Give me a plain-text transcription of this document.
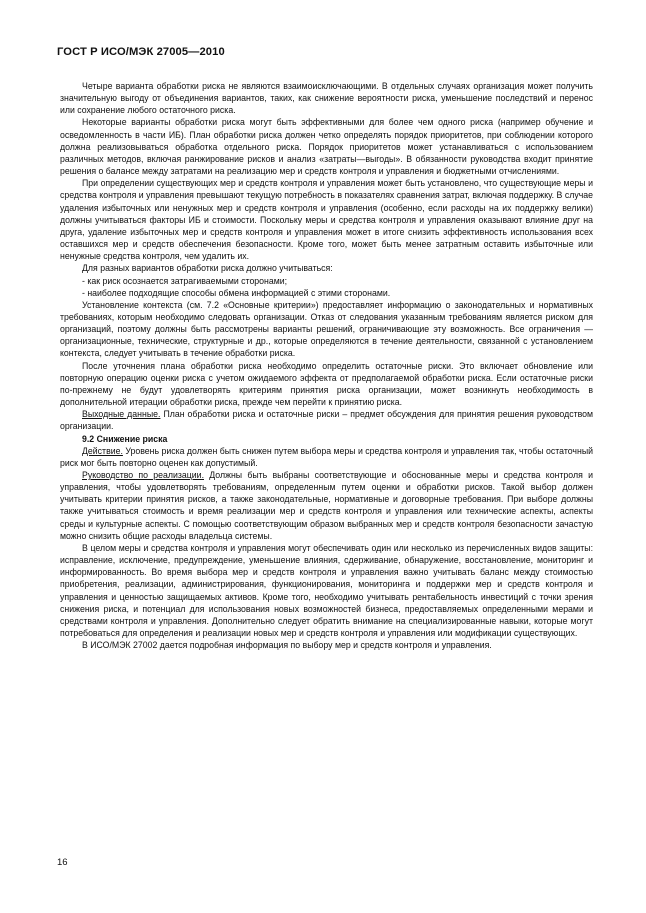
ГОСТ Р ИСО/МЭК 27005—2010

Четыре варианта обработки риска не являются взаимоисключающими. В отдельных случаях организация может получить значительную выгоду от объединения вариантов, таких, как снижение вероятности риска, уменьшение последствий и перенос или сохранение любого остаточного риска.

Некоторые варианты обработки риска могут быть эффективными для более чем одного риска (например обучение и осведомленность в части ИБ). План обработки риска должен четко определять порядок приоритетов, при соблюдении которого должна реализовываться обработка отдельного риска. Порядок приоритетов может устанавливаться с использованием различных методов, включая ранжирование рисков и анализ «затраты—выгоды». В обязанности руководства входит принятие решения о балансе между затратами на реализацию мер и средств контроля и управления и бюджетными отчислениями.

При определении существующих мер и средств контроля и управления может быть установлено, что существующие меры и средства контроля и управления превышают текущую потребность в показателях сравнения затрат, включая поддержку. В случае удаления избыточных или ненужных мер и средств контроля и управления (особенно, если расходы на их поддержку велики) должны учитываться факторы ИБ и стоимости. Поскольку меры и средства контроля и управления оказывают влияние друг на друга, удаление избыточных мер и средств контроля и управления может в итоге снизить эффективность использования всех оставшихся мер и средств обеспечения безопасности. Кроме того, может быть менее затратным оставить избыточные или ненужные средства контроля, чем удалить их.

Для разных вариантов обработки риска должно учитываться:

- как риск осознается затрагиваемыми сторонами;

- наиболее подходящие способы обмена информацией с этими сторонами.

Установление контекста (см. 7.2 «Основные критерии») предоставляет информацию о законодательных и нормативных требованиях, которым необходимо следовать организации. Отказ от следования указанным требованиям является риском для организаций, поэтому должны быть рассмотрены варианты решений, ограничивающие эту возможность. Все ограничения — организационные, технические, структурные и др., которые определяются в течение деятельности, связанной с установлением контекста, следует учитывать в течение обработки риска.

После уточнения плана обработки риска необходимо определить остаточные риски. Это включает обновление или повторную операцию оценки риска с учетом ожидаемого эффекта от предполагаемой обработки риска. Если остаточные риски по-прежнему не будут удовлетворять критериям принятия риска организации, может возникнуть необходимость в дополнительной итерации обработки риска, прежде чем перейти к принятию риска.

Выходные данные. План обработки риска и остаточные риски – предмет обсуждения для принятия решения руководством организации.

9.2 Снижение риска

Действие. Уровень риска должен быть снижен путем выбора меры и средства контроля и управления так, чтобы остаточный риск мог быть повторно оценен как допустимый.

Руководство по реализации. Должны быть выбраны соответствующие и обоснованные меры и средства контроля и управления, чтобы удовлетворять требованиям, определенным путем оценки и обработки рисков. Такой выбор должен учитывать критерии принятия рисков, а также законодательные, нормативные и договорные требования. При выборе должны также учитываться стоимость и время реализации мер и средств контроля и управления или технические аспекты, аспекты среды и культурные аспекты. С помощью соответствующим образом выбранных мер и средств контроля безопасности зачастую можно снизить общие расходы владельца системы.

В целом меры и средства контроля и управления могут обеспечивать один или несколько из перечисленных видов защиты: исправление, исключение, предупреждение, уменьшение влияния, сдерживание, обнаружение, восстановление, мониторинг и информированность. Во время выбора мер и средств контроля и управления важно учитывать баланс между стоимостью приобретения, реализации, администрирования, функционирования, мониторинга и поддержки мер и средств контроля и управления и ценностью защищаемых активов. Кроме того, необходимо учитывать рентабельность инвестиций с точки зрения снижения риска, и потенциал для использования новых возможностей бизнеса, предоставляемых определенными мерами и средствами контроля и управления. Дополнительно следует обратить внимание на специализированные навыки, которые могут потребоваться для определения и реализации новых мер и средств контроля и управления или модификации существующих.

В ИСО/МЭК 27002 дается подробная информация по выбору мер и средств контроля и управления.

16
